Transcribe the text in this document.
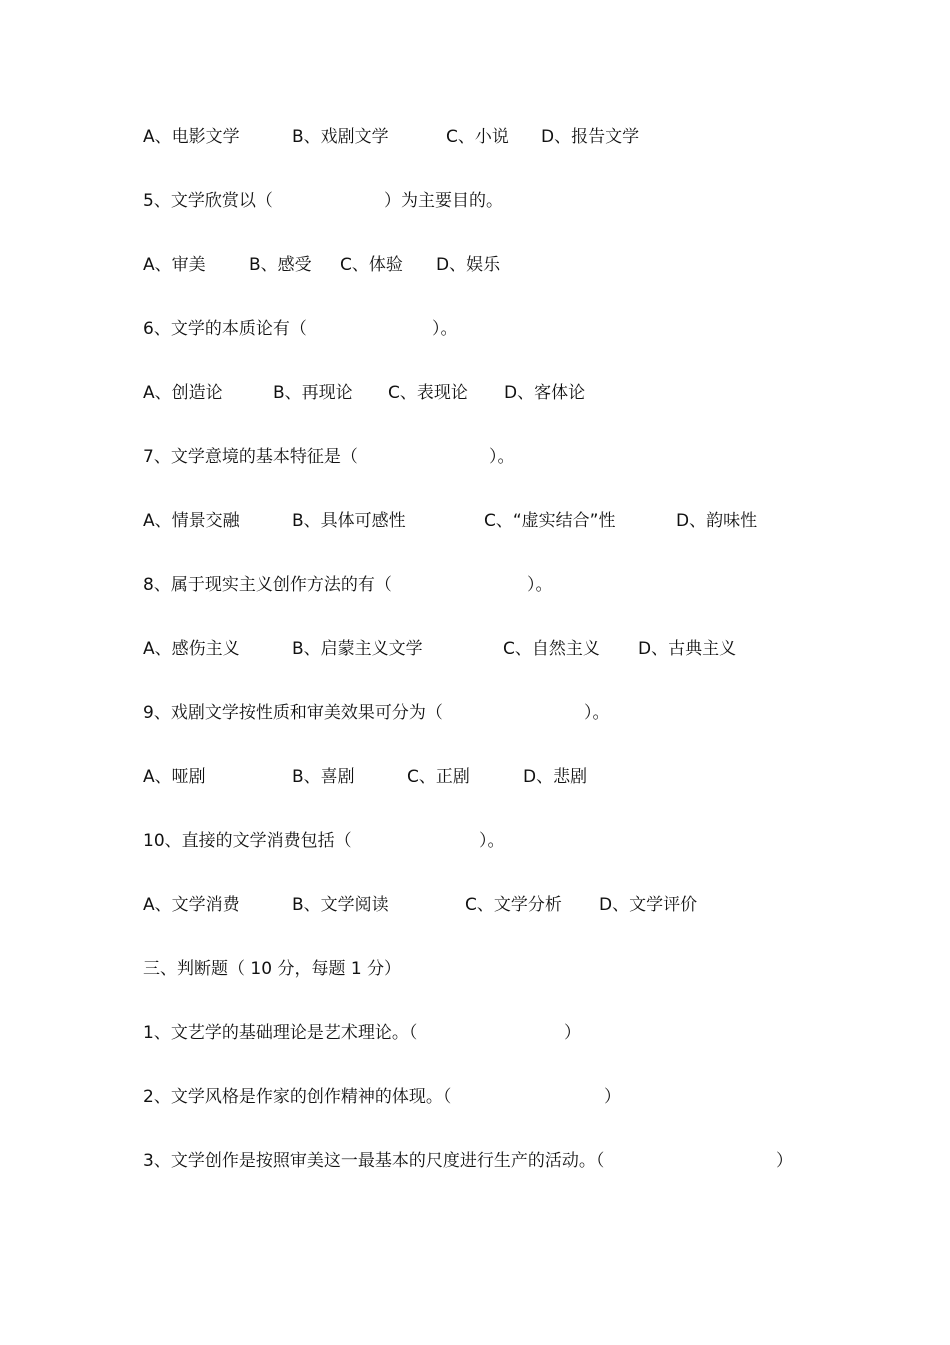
A、电影文学	B、戏剧文学	C、小说 D、报告文学
5、文学欣赏以（	）为主要目的。
A、审美	B、感受 C、体验 D、娱乐
6、文学的本质论有（	）。
A、创造论	B、再现论 C、表现论 D、客体论
7、文学意境的基本特征是（	）。
A、情景交融	B、具体可感性	C、“虚实结合”性	D、韵味性
8、属于现实主义创作方法的有（	）。
A、感伤主义	B、启蒙主义文学	C、自然主义 D、古典主义
9、戏剧文学按性质和审美效果可分为（	）。
A、哑剧	B、喜剧	C、正剧	D、悲剧
10、直接的文学消费包括（	）。
A、文学消费	B、文学阅读	C、文学分析 D、文学评价
三、判断题（ 10 分，每题 1 分）
1、文艺学的基础理论是艺术理论。（	）
2、文学风格是作家的创作精神的体现。（	）
3、文学创作是按照审美这一最基本的尺度进行生产的活动。（	）
